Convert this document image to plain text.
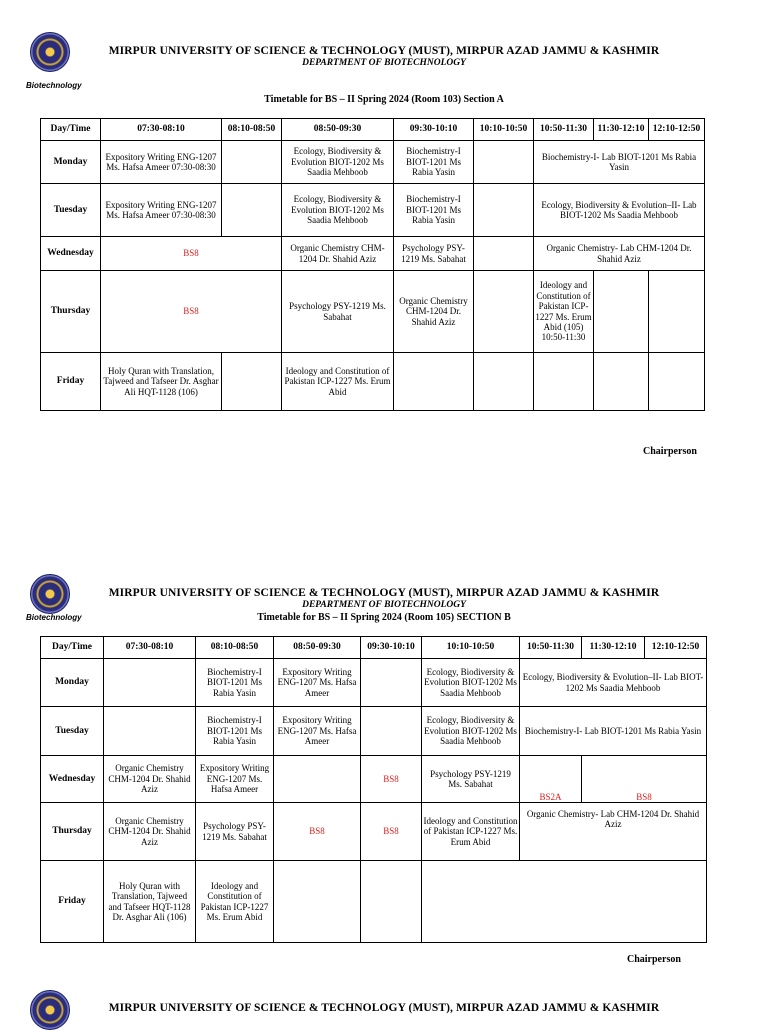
Biotechnology
MIRPUR UNIVERSITY OF SCIENCE & TECHNOLOGY (MUST), MIRPUR AZAD JAMMU & KASHMIR
DEPARTMENT OF BIOTECHNOLOGY
Timetable for BS – II Spring 2024 (Room 103) Section A
Day/Time	07:30-08:10	08:10-08:50	08:50-09:30	09:30-10:10	10:10-10:50	10:50-11:30	11:30-12:10	12:10-12:50
Monday	Expository Writing ENG-1207 Ms. Hafsa Ameer 07:30-08:30		Ecology, Biodiversity & Evolution BIOT-1202 Ms Saadia Mehboob	Biochemistry-I BIOT-1201 Ms Rabia Yasin		Biochemistry-I- Lab BIOT-1201 Ms Rabia Yasin		
Tuesday	Expository Writing ENG-1207 Ms. Hafsa Ameer 07:30-08:30		Ecology, Biodiversity & Evolution BIOT-1202 Ms Saadia Mehboob	Biochemistry-I BIOT-1201 Ms Rabia Yasin		Ecology, Biodiversity & Evolution–II- Lab BIOT-1202 Ms Saadia Mehboob		
Wednesday	BS8		Organic Chemistry CHM-1204 Dr. Shahid Aziz	Psychology PSY-1219 Ms. Sabahat		Organic Chemistry- Lab CHM-1204 Dr. Shahid Aziz		
Thursday	BS8		Psychology PSY-1219 Ms. Sabahat	Organic Chemistry CHM-1204 Dr. Shahid Aziz		Ideology and Constitution of Pakistan ICP-1227 Ms. Erum Abid (105) 10:50-11:30		
Friday	Holy Quran with Translation, Tajweed and Tafseer Dr. Asghar Ali HQT-1128 (106)		Ideology and Constitution of Pakistan ICP-1227 Ms. Erum Abid					
Chairperson
Biotechnology
MIRPUR UNIVERSITY OF SCIENCE & TECHNOLOGY (MUST), MIRPUR AZAD JAMMU & KASHMIR
DEPARTMENT OF BIOTECHNOLOGY
Timetable for BS – II Spring 2024 (Room 105) SECTION B
Day/Time	07:30-08:10	08:10-08:50	08:50-09:30	09:30-10:10	10:10-10:50	10:50-11:30	11:30-12:10	12:10-12:50
Monday		Biochemistry-I BIOT-1201 Ms Rabia Yasin	Expository Writing ENG-1207 Ms. Hafsa Ameer		Ecology, Biodiversity & Evolution BIOT-1202 Ms Saadia Mehboob	Ecology, Biodiversity & Evolution–II- Lab BIOT-1202 Ms Saadia Mehboob		
Tuesday		Biochemistry-I BIOT-1201 Ms Rabia Yasin	Expository Writing ENG-1207 Ms. Hafsa Ameer		Ecology, Biodiversity & Evolution BIOT-1202 Ms Saadia Mehboob	Biochemistry-I- Lab BIOT-1201 Ms Rabia Yasin		
Wednesday	Organic Chemistry CHM-1204 Dr. Shahid Aziz	Expository Writing ENG-1207 Ms. Hafsa Ameer		BS8	Psychology PSY-1219 Ms. Sabahat	BS2A	BS8	
Thursday	Organic Chemistry CHM-1204 Dr. Shahid Aziz	Psychology PSY-1219 Ms. Sabahat	BS8	BS8	Ideology and Constitution of Pakistan ICP-1227 Ms. Erum Abid	Organic Chemistry- Lab CHM-1204 Dr. Shahid Aziz		
Friday	Holy Quran with Translation, Tajweed and Tafseer HQT-1128 Dr. Asghar Ali (106)	Ideology and Constitution of Pakistan ICP-1227 Ms. Erum Abid						
Chairperson
MIRPUR UNIVERSITY OF SCIENCE & TECHNOLOGY (MUST), MIRPUR AZAD JAMMU & KASHMIR
